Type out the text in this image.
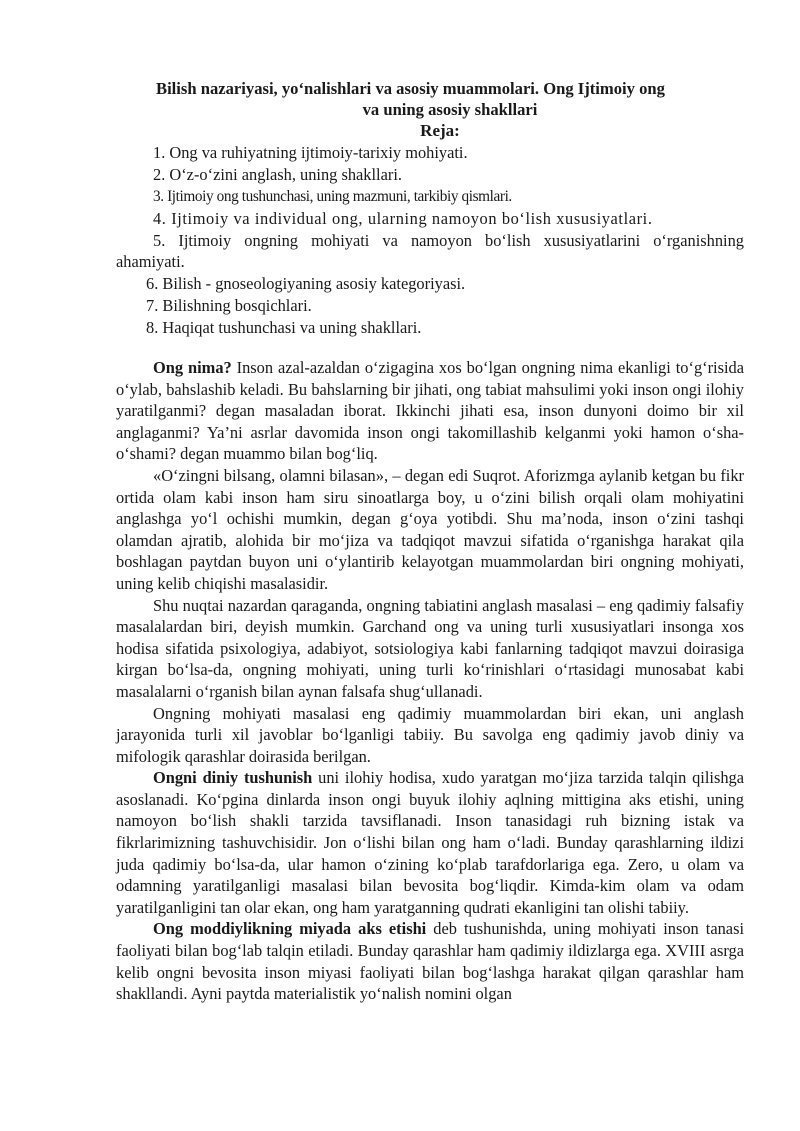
Bilish nazariyasi, yo‘nalishlari va asosiy muammolari. Ong Ijtimoiy ong
va uning asosiy shakllari
Reja:
1. Ong va ruhiyatning ijtimoiy-tarixiy mohiyati.
2. O‘z-o‘zini anglash, uning shakllari.
3. Ijtimoiy ong tushunchasi, uning mazmuni, tarkibiy qismlari.
4. Ijtimoiy va individual ong, ularning namoyon bo‘lish xususiyatlari.
5. Ijtimoiy ongning mohiyati va namoyon bo‘lish xususiyatlarini o‘rganishning ahamiyati.
6. Bilish - gnoseologiyaning asosiy kategoriyasi.
7. Bilishning bosqichlari.
8. Haqiqat tushunchasi va uning shakllari.

Ong nima? Inson azal-azaldan o‘zigagina xos bo‘lgan ongning nima ekanligi to‘g‘risida o‘ylab, bahslashib keladi. Bu bahslarning bir jihati, ong tabiat mahsulimi yoki inson ongi ilohiy yaratilganmi? degan masaladan iborat. Ikkinchi jihati esa, inson dunyoni doimo bir xil anglaganmi? Ya’ni asrlar davomida inson ongi takomillashib kelganmi yoki hamon o‘sha-o‘shami? degan muammo bilan bog‘liq.

«O‘zingni bilsang, olamni bilasan», – degan edi Suqrot. Aforizmga aylanib ketgan bu fikr ortida olam kabi inson ham siru sinoatlarga boy, u o‘zini bilish orqali olam mohiyatini anglashga yo‘l ochishi mumkin, degan g‘oya yotibdi. Shu ma’noda, inson o‘zini tashqi olamdan ajratib, alohida bir mo‘jiza va tadqiqot mavzui sifatida o‘rganishga harakat qila boshlagan paytdan buyon uni o‘ylantirib kelayotgan muammolardan biri ongning mohiyati, uning kelib chiqishi masalasidir.

Shu nuqtai nazardan qaraganda, ongning tabiatini anglash masalasi – eng qadimiy falsafiy masalalardan biri, deyish mumkin. Garchand ong va uning turli xususiyatlari insonga xos hodisa sifatida psixologiya, adabiyot, sotsiologiya kabi fanlarning tadqiqot mavzui doirasiga kirgan bo‘lsa-da, ongning mohiyati, uning turli ko‘rinishlari o‘rtasidagi munosabat kabi masalalarni o‘rganish bilan aynan falsafa shug‘ullanadi.

Ongning mohiyati masalasi eng qadimiy muammolardan biri ekan, uni anglash jarayonida turli xil javoblar bo‘lganligi tabiiy. Bu savolga eng qadimiy javob diniy va mifologik qarashlar doirasida berilgan.

Ongni diniy tushunish uni ilohiy hodisa, xudo yaratgan mo‘jiza tarzida talqin qilishga asoslanadi. Ko‘pgina dinlarda inson ongi buyuk ilohiy aqlning mittigina aks etishi, uning namoyon bo‘lish shakli tarzida tavsiflanadi. Inson tanasidagi ruh bizning istak va fikrlarimizning tashuvchisidir. Jon o‘lishi bilan ong ham o‘ladi. Bunday qarashlarning ildizi juda qadimiy bo‘lsa-da, ular hamon o‘zining ko‘plab tarafdorlariga ega. Zero, u olam va odamning yaratilganligi masalasi bilan bevosita bog‘liqdir. Kimda-kim olam va odam yaratilganligini tan olar ekan, ong ham yaratganning qudrati ekanligini tan olishi tabiiy.

Ong moddiylikning miyada aks etishi deb tushunishda, uning mohiyati inson tanasi faoliyati bilan bog‘lab talqin etiladi. Bunday qarashlar ham qadimiy ildizlarga ega. XVIII asrga kelib ongni bevosita inson miyasi faoliyati bilan bog‘lashga harakat qilgan qarashlar ham shakllandi. Ayni paytda materialistik yo‘nalish nomini olgan
